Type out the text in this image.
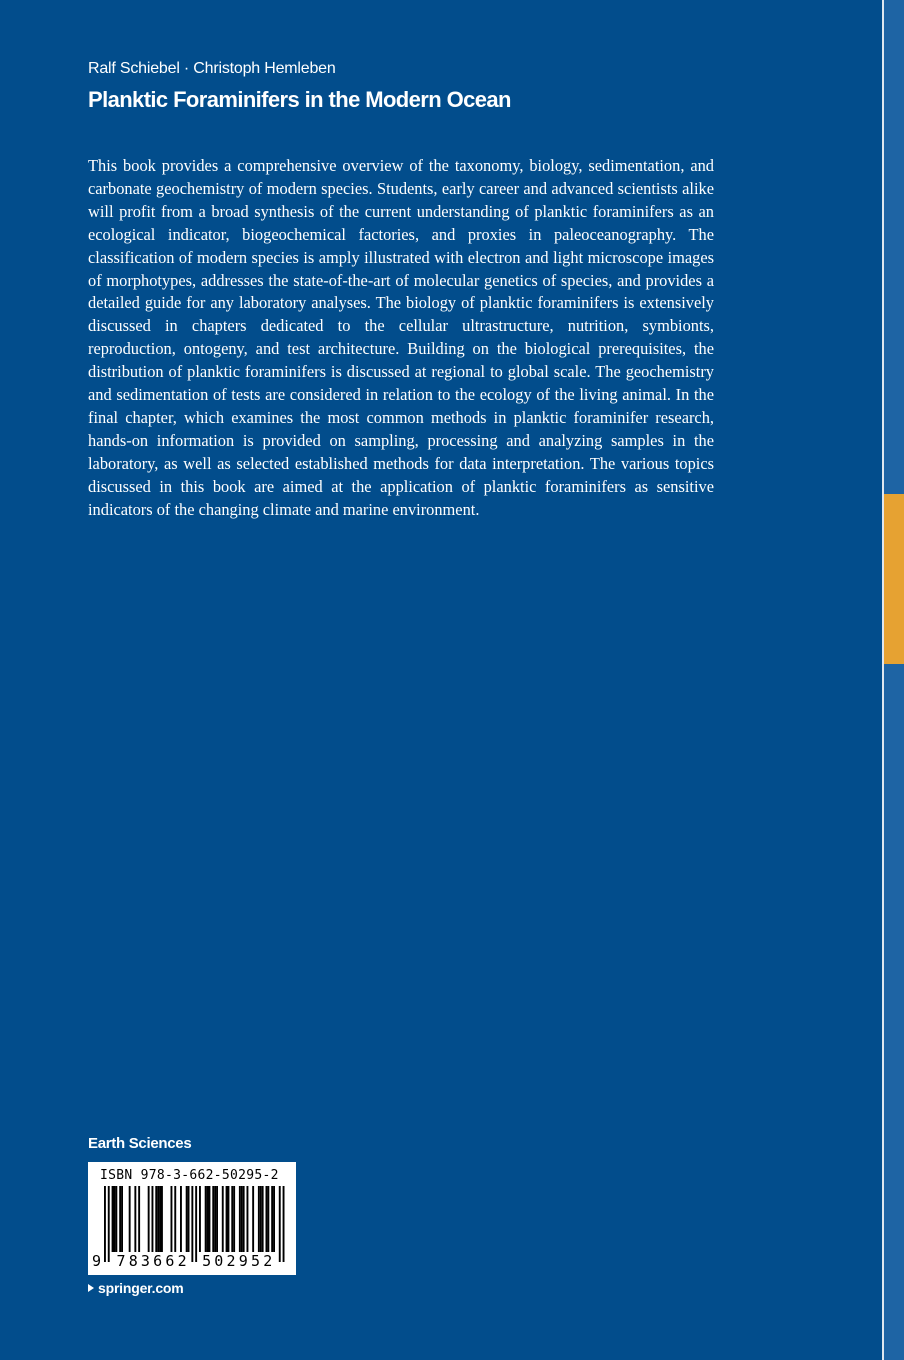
Ralf Schiebel · Christoph Hemleben
Planktic Foraminifers in the Modern Ocean

This book provides a comprehensive overview of the taxonomy, biology, sedimentation, and carbonate geochemistry of modern species. Students, early career and advanced scientists alike will profit from a broad synthesis of the current understanding of planktic foraminifers as an ecological indicator, biogeochemical factories, and proxies in paleoceanography. The classification of modern species is amply illustrated with electron and light microscope images of morphotypes, addresses the state-of-the-art of molecular genetics of species, and provides a detailed guide for any laboratory analyses. The biology of planktic foraminifers is extensively discussed in chapters dedicated to the cellular ultrastructure, nutrition, symbionts, reproduction, ontogeny, and test architecture. Building on the biological prerequisites, the distribution of planktic foraminifers is discussed at regional to global scale. The geochemistry and sedimentation of tests are considered in relation to the ecology of the living animal. In the final chapter, which examines the most common methods in planktic foraminifer research, hands-on information is provided on sampling, processing and analyzing samples in the laboratory, as well as selected established methods for data interpretation. The various topics discussed in this book are aimed at the application of planktic foraminifers as sensitive indicators of the changing climate and marine environment.

Earth Sciences
ISBN 978-3-662-50295-2
9 783662 502952
springer.com
